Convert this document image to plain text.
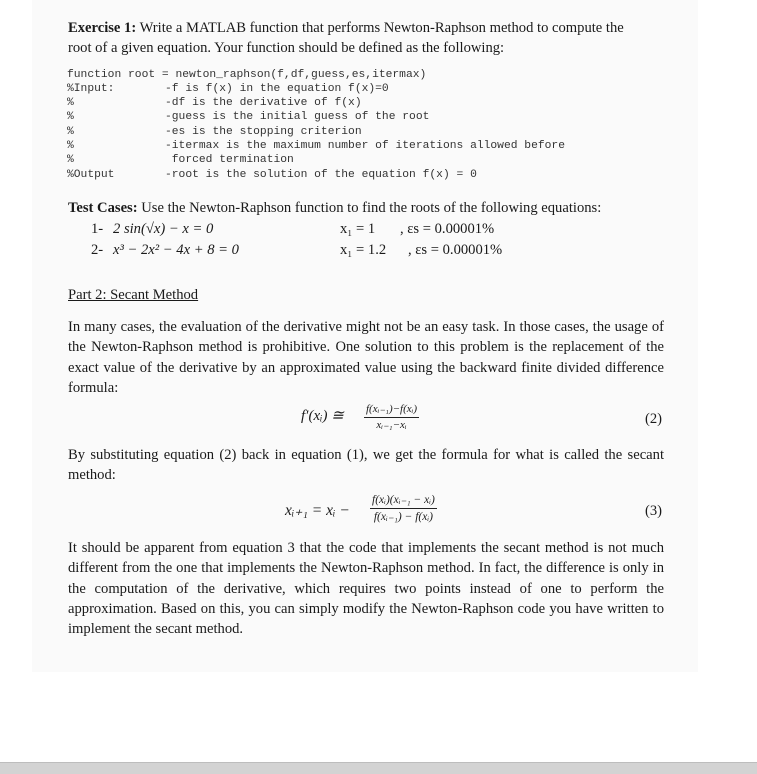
Exercise 1: Write a MATLAB function that performs Newton-Raphson method to compute the
root of a given equation. Your function should be defined as the following:
function root = newton_raphson(f,df,guess,es,itermax)
%Input:	-f is f(x) in the equation f(x)=0
%	-df is the derivative of f(x)
%	-guess is the initial guess of the root
%	-es is the stopping criterion
%	-itermax is the maximum number of iterations allowed before
%	forced termination
%Output	-root is the solution of the equation f(x) = 0
Test Cases: Use the Newton-Raphson function to find the roots of the following equations:
1- 2 sin(√x) − x = 0	x₁ = 1 , εs = 0.00001%
2- x³ − 2x² − 4x + 8 = 0	x₁ = 1.2 , εs = 0.00001%
Part 2: Secant Method
In many cases, the evaluation of the derivative might not be an easy task. In those cases, the usage of the Newton-Raphson method is prohibitive. One solution to this problem is the replacement of the exact value of the derivative by an approximated value using the backward finite divided difference formula:
f′(xᵢ) ≅ $\frac{\text{f(xᵢ₋₁)−f(xᵢ)}}{\text{xᵢ₋₁−xᵢ}}$	(2)
By substituting equation (2) back in equation (1), we get the formula for what is called the secant method:
xᵢ₊₁ = xᵢ − $\frac{\text{f(xᵢ)(xᵢ₋₁ − xᵢ)}}{\text{f(xᵢ₋₁) − f(xᵢ)}}$	(3)
It should be apparent from equation 3 that the code that implements the secant method is not much different from the one that implements the Newton-Raphson method. In fact, the difference is only in the computation of the derivative, which requires two points instead of one to perform the approximation. Based on this, you can simply modify the Newton-Raphson code you have written to implement the secant method.
